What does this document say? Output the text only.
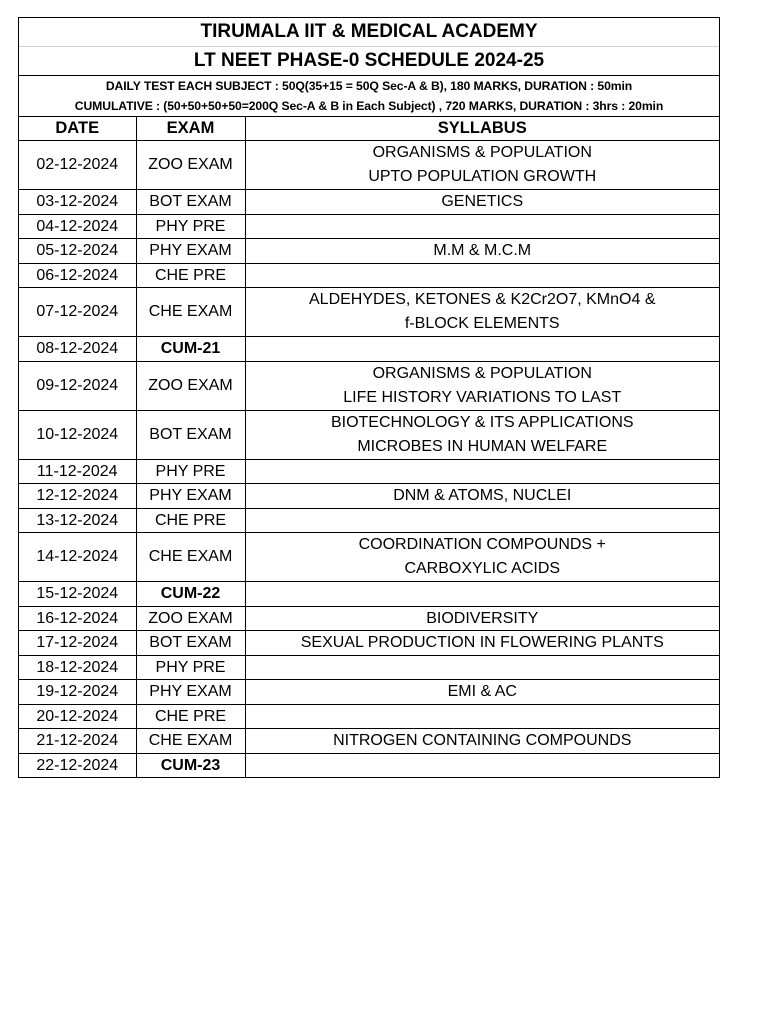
TIRUMALA IIT & MEDICAL ACADEMY
LT NEET PHASE-0 SCHEDULE 2024-25
DAILY TEST EACH SUBJECT : 50Q(35+15 = 50Q Sec-A & B), 180 MARKS, DURATION : 50min
CUMULATIVE : (50+50+50+50=200Q Sec-A & B in Each Subject) , 720 MARKS, DURATION : 3hrs : 20min
DATE	EXAM	SYLLABUS
02-12-2024	ZOO EXAM	ORGANISMS & POPULATION
UPTO POPULATION GROWTH

03-12-2024	BOT EXAM	GENETICS
04-12-2024	PHY PRE	
05-12-2024	PHY EXAM	M.M & M.C.M
06-12-2024	CHE PRE	
07-12-2024	CHE EXAM	ALDEHYDES, KETONES & K2Cr2O7, KMnO4 &
f-BLOCK ELEMENTS

08-12-2024	CUM-21	
09-12-2024	ZOO EXAM	ORGANISMS & POPULATION
LIFE HISTORY VARIATIONS TO LAST

10-12-2024	BOT EXAM	BIOTECHNOLOGY & ITS APPLICATIONS
MICROBES IN HUMAN WELFARE

11-12-2024	PHY PRE	
12-12-2024	PHY EXAM	DNM & ATOMS, NUCLEI
13-12-2024	CHE PRE	
14-12-2024	CHE EXAM	COORDINATION COMPOUNDS +
CARBOXYLIC ACIDS

15-12-2024	CUM-22	
16-12-2024	ZOO EXAM	BIODIVERSITY
17-12-2024	BOT EXAM	SEXUAL PRODUCTION IN FLOWERING PLANTS
18-12-2024	PHY PRE	
19-12-2024	PHY EXAM	EMI & AC
20-12-2024	CHE PRE	
21-12-2024	CHE EXAM	NITROGEN CONTAINING COMPOUNDS
22-12-2024	CUM-23	
